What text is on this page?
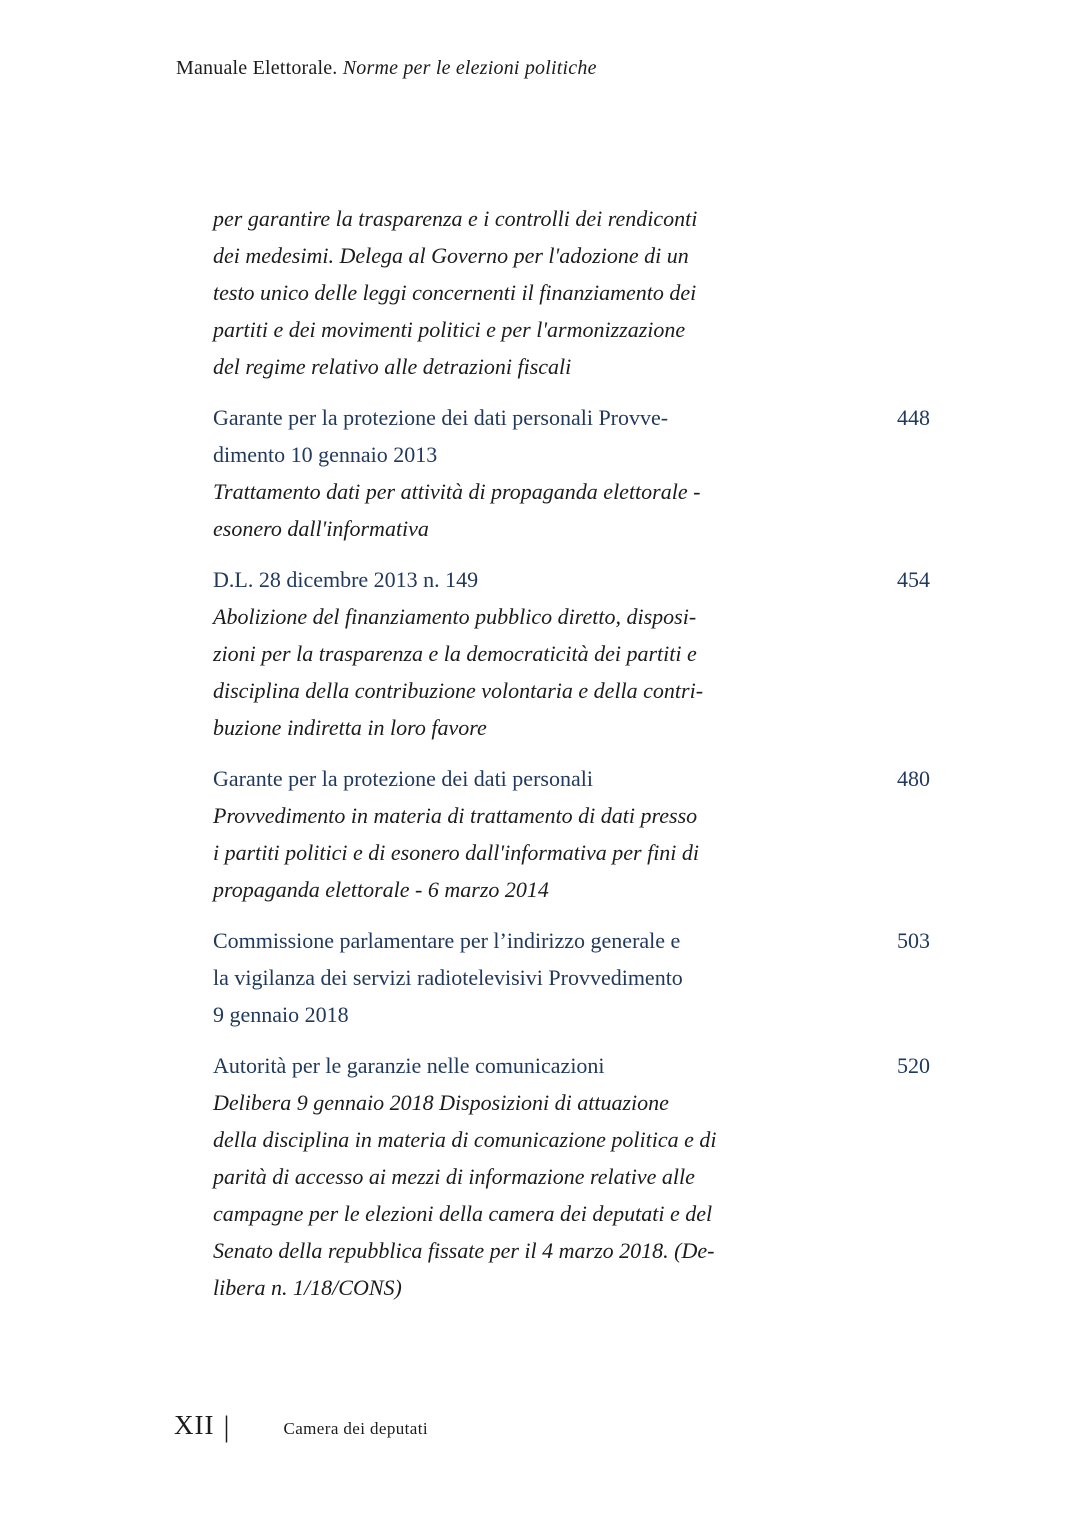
Manuale Elettorale. Norme per le elezioni politiche
per garantire la trasparenza e i controlli dei rendiconti
dei medesimi. Delega al Governo per l'adozione di un
testo unico delle leggi concernenti il finanziamento dei
partiti e dei movimenti politici e per l'armonizzazione
del regime relativo alle detrazioni fiscali
Garante per la protezione dei dati personali Provve-
dimento 10 gennaio 2013
Trattamento dati per attività di propaganda elettorale -
esonero dall'informativa
448
D.L. 28 dicembre 2013 n. 149
Abolizione del finanziamento pubblico diretto, disposi-
zioni per la trasparenza e la democraticità dei partiti e
disciplina della contribuzione volontaria e della contri-
buzione indiretta in loro favore
454
Garante per la protezione dei dati personali
Provvedimento in materia di trattamento di dati presso
i partiti politici e di esonero dall'informativa per fini di
propaganda elettorale - 6 marzo 2014
480
Commissione parlamentare per l’indirizzo generale e
la vigilanza dei servizi radiotelevisivi Provvedimento
9 gennaio 2018
503
Autorità per le garanzie nelle comunicazioni
Delibera 9 gennaio 2018 Disposizioni di attuazione
della disciplina in materia di comunicazione politica e di
parità di accesso ai mezzi di informazione relative alle
campagne per le elezioni della camera dei deputati e del
Senato della repubblica fissate per il 4 marzo 2018. (De-
libera n. 1/18/CONS)
520
XII |	Camera dei deputati
